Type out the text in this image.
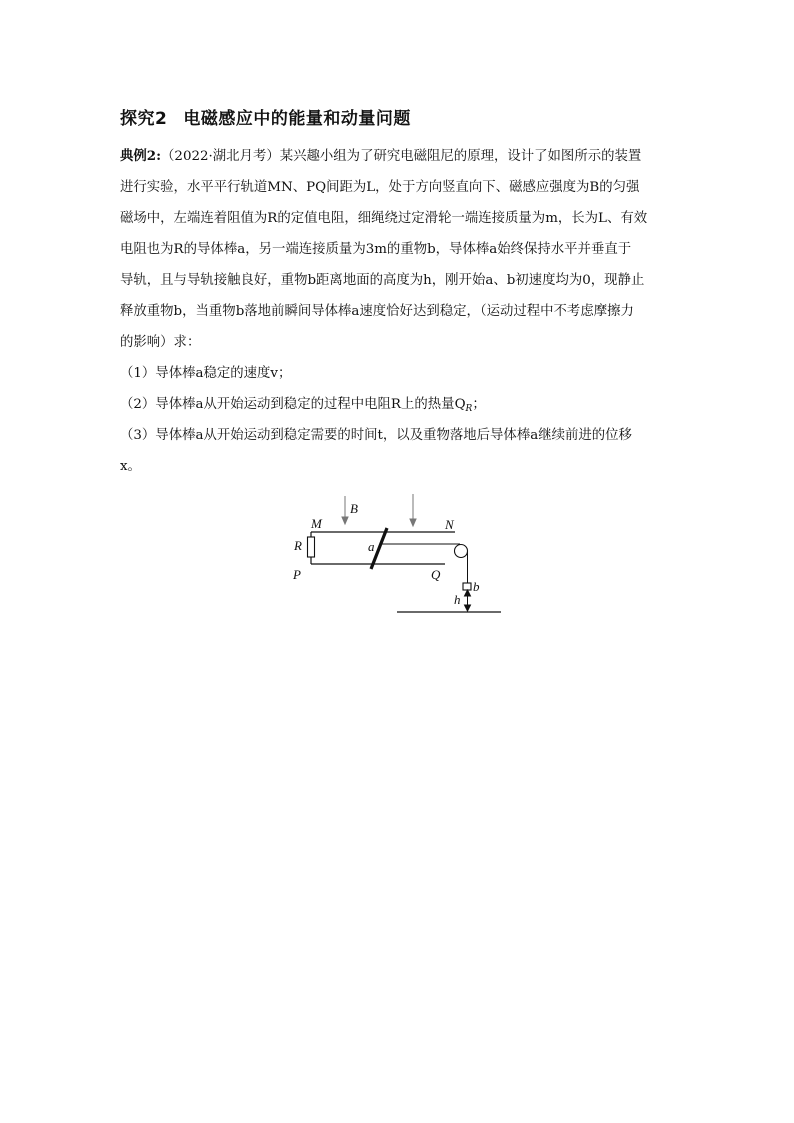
探究2 电磁感应中的能量和动量问题
典例2:（2022·湖北月考）某兴趣小组为了研究电磁阻尼的原理，设计了如图所示的装置
进行实验，水平平行轨道MN、PQ间距为L，处于方向竖直向下、磁感应强度为B的匀强
磁场中，左端连着阻值为R的定值电阻，细绳绕过定滑轮一端连接质量为m，长为L、有效
电阻也为R的导体棒a，另一端连接质量为3m的重物b，导体棒a始终保持水平并垂直于
导轨，且与导轨接触良好，重物b距离地面的高度为h，刚开始a、b初速度均为0，现静止
释放重物b，当重物b落地前瞬间导体棒a速度恰好达到稳定，（运动过程中不考虑摩擦力
的影响）求：
（1）导体棒a稳定的速度v；
（2）导体棒a从开始运动到稳定的过程中电阻R上的热量$Q_R$；
（3）导体棒a从开始运动到稳定需要的时间t，以及重物落地后导体棒a继续前进的位移
x。
M	N
P	Q
R
B
a
b
h
